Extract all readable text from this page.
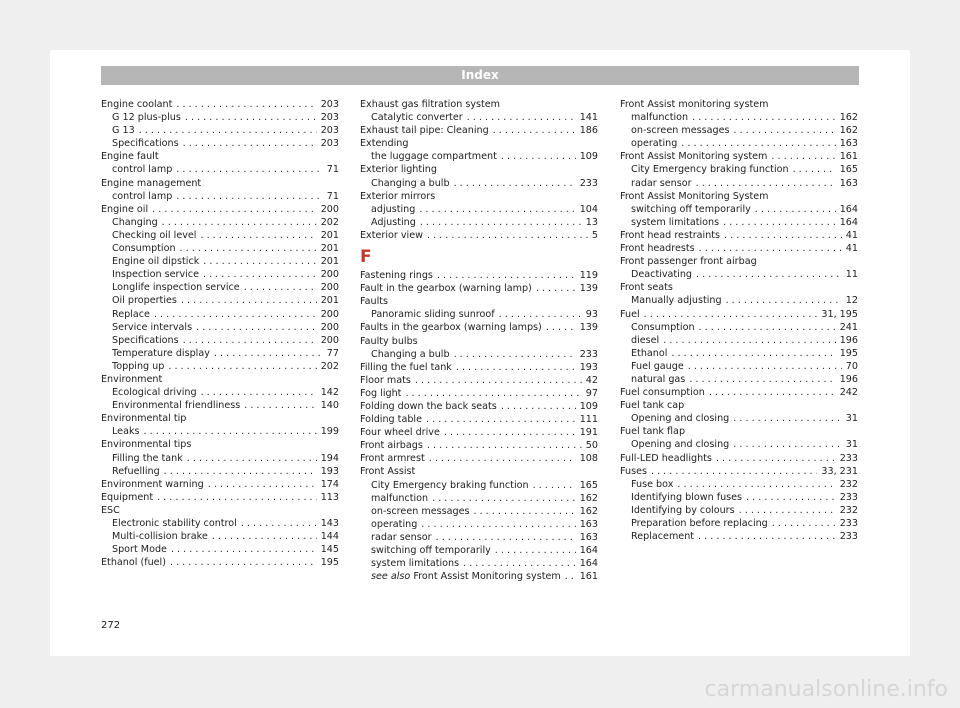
Index
Engine coolant . . .	203
G 12 plus-plus . . .	203
G 13 . . .	203
Specifications . . .	203
Engine fault
control lamp . . .	71
Engine management
control lamp . . .	71
Engine oil . . .	200
Changing . . .	202
Checking oil level . . .	201
Consumption . . .	201
Engine oil dipstick . . .	201
Inspection service . . .	200
Longlife inspection service . . .	200
Oil properties . . .	201
Replace . . .	200
Service intervals . . .	200
Specifications . . .	200
Temperature display . . .	77
Topping up . . .	202
Environment
Ecological driving . . .	142
Environmental friendliness . . .	140
Environmental tip
Leaks . . .	199
Environmental tips
Filling the tank . . .	194
Refuelling . . .	193
Environment warning . . .	174
Equipment . . .	113
ESC
Electronic stability control . . .	143
Multi-collision brake . . .	144
Sport Mode . . .	145
Ethanol (fuel) . . .	195
Exhaust gas filtration system
Catalytic converter . . .	141
Exhaust tail pipe: Cleaning . . .	186
Extending
the luggage compartment . . .	109
Exterior lighting
Changing a bulb . . .	233
Exterior mirrors
adjusting . . .	104
Adjusting . . .	13
Exterior view . . .	5
F
Fastening rings . . .	119
Fault in the gearbox (warning lamp) . . .	139
Faults
Panoramic sliding sunroof . . .	93
Faults in the gearbox (warning lamps) . . .	139
Faulty bulbs
Changing a bulb . . .	233
Filling the fuel tank . . .	193
Floor mats . . .	42
Fog light . . .	97
Folding down the back seats . . .	109
Folding table . . .	111
Four wheel drive . . .	191
Front airbags . . .	50
Front armrest . . .	108
Front Assist
City Emergency braking function . . .	165
malfunction . . .	162
on-screen messages . . .	162
operating . . .	163
radar sensor . . .	163
switching off temporarily . . .	164
system limitations . . .	164
see also Front Assist Monitoring system . . . 161
Front Assist monitoring system
malfunction . . .	162
on-screen messages . . .	162
operating . . .	163
Front Assist Monitoring system . . .	161
City Emergency braking function . . .	165
radar sensor . . .	163
Front Assist Monitoring System
switching off temporarily . . .	164
system limitations . . .	164
Front head restraints . . .	41
Front headrests . . .	41
Front passenger front airbag
Deactivating . . .	11
Front seats
Manually adjusting . . .	12
Fuel . . .	31, 195
Consumption . . .	241
diesel . . .	196
Ethanol . . .	195
Fuel gauge . . .	70
natural gas . . .	196
Fuel consumption . . .	242
Fuel tank cap
Opening and closing . . .	31
Fuel tank flap
Opening and closing . . .	31
Full-LED headlights . . .	233
Fuses . . .	33, 231
Fuse box . . .	232
Identifying blown fuses . . .	233
Identifying by colours . . .	232
Preparation before replacing . . .	233
Replacement . . .	233
272
carmanualsonline.info
